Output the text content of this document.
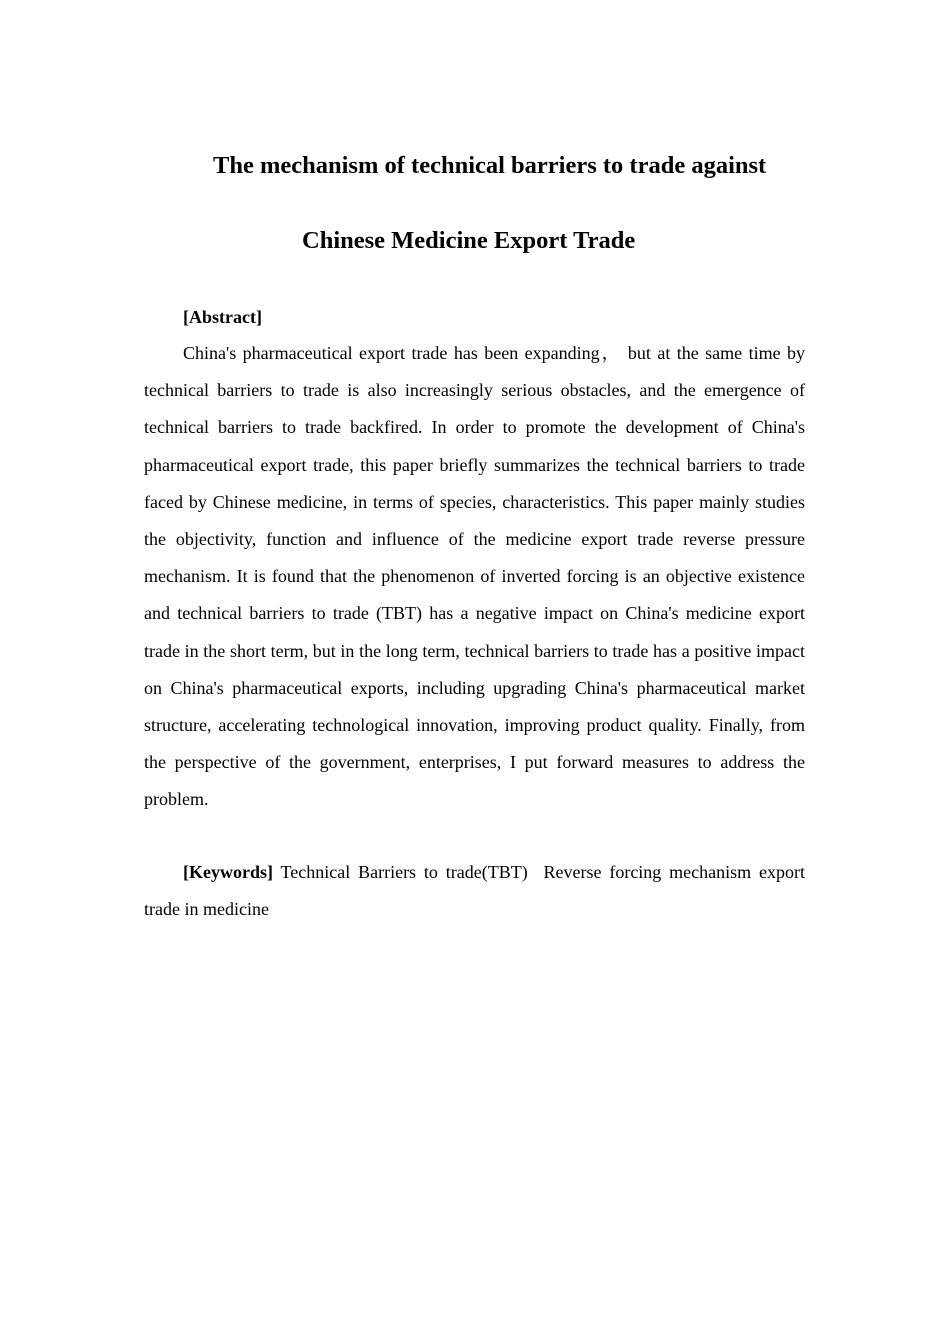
The mechanism of technical barriers to trade against
Chinese Medicine Export Trade

[Abstract]

China's pharmaceutical export trade has been expanding， but at the same time by technical barriers to trade is also increasingly serious obstacles, and the emergence of technical barriers to trade backfired. In order to promote the development of China's pharmaceutical export trade, this paper briefly summarizes the technical barriers to trade faced by Chinese medicine, in terms of species, characteristics. This paper mainly studies the objectivity, function and influence of the medicine export trade reverse pressure mechanism. It is found that the phenomenon of inverted forcing is an objective existence and technical barriers to trade (TBT) has a negative impact on China's medicine export trade in the short term, but in the long term, technical barriers to trade has a positive impact on China's pharmaceutical exports, including upgrading China's pharmaceutical market structure, accelerating technological innovation, improving product quality. Finally, from the perspective of the government, enterprises, I put forward measures to address the problem.

[Keywords] Technical Barriers to trade(TBT)  Reverse forcing mechanism export trade in medicine
